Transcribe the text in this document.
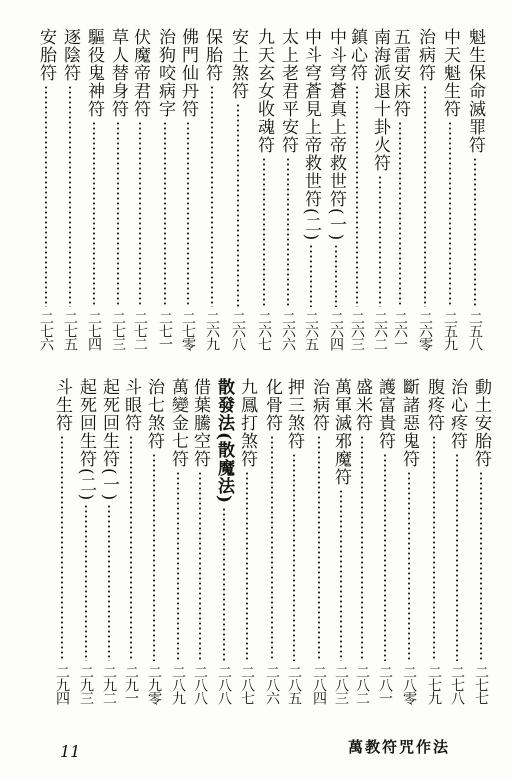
魁生保命滅罪符
二五八
中天魁生符
二五九
治病符
二六零
五雷安床符
二六一
南海派退十卦火符
二六二
鎮心符
二六三
中斗穹蒼真上帝救世符(一)
二六四
中斗穹蒼見上帝救世符(二)
二六五
太上老君平安符
二六六
九天玄女收魂符
二六七
安土煞符
二六八
保胎符
二六九
佛門仙丹符
二七零
治狗咬病字
二七一
伏魔帝君符
二七二
草人替身符
二七三
驅役鬼神符
二七四
逐陰符
二七五
安胎符
二七六
動土安胎符
二七七
治心疼符
二七八
腹疼符
二七九
斷諸惡鬼符
二八零
護富貴符
二八一
盛米符
二八二
萬軍滅邪魔符
二八三
治病符
二八四
押三煞符
二八五
化骨符
二八六
九鳳打煞符
二八七
散發法(散魔法)
二八八
借葉騰空符
二八八
萬變金七符
二八九
治七煞符
二九零
斗眼符
二九一
起死回生符(一)
二九二
起死回生符(二)
二九三
斗生符
二九四
11	萬教符咒作法
